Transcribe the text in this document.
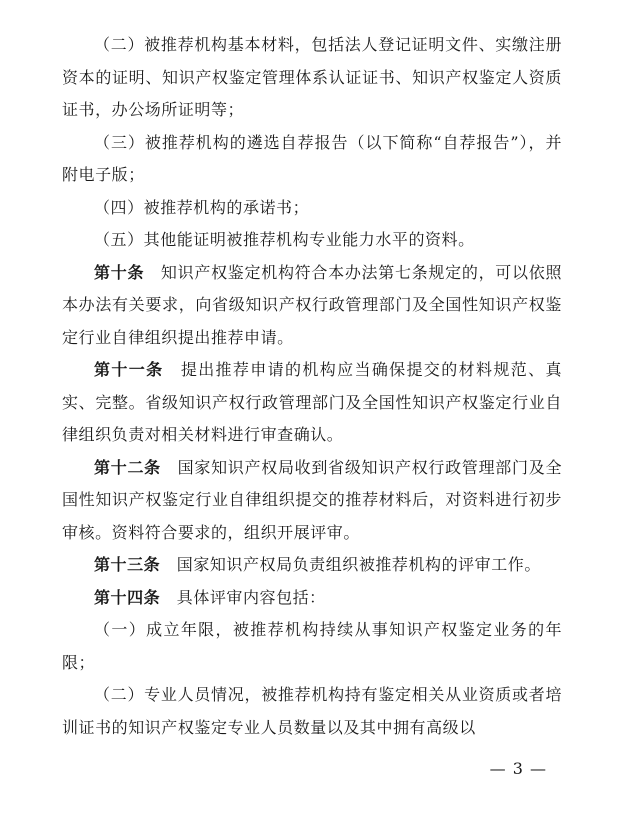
（二）被推荐机构基本材料，包括法人登记证明文件、实缴注册资本的证明、知识产权鉴定管理体系认证证书、知识产权鉴定人资质证书，办公场所证明等；

（三）被推荐机构的遴选自荐报告（以下简称“自荐报告”），并附电子版；

（四）被推荐机构的承诺书；

（五）其他能证明被推荐机构专业能力水平的资料。

第十条　 知识产权鉴定机构符合本办法第七条规定的，可以依照本办法有关要求，向省级知识产权行政管理部门及全国性知识产权鉴定行业自律组织提出推荐申请。

第十一条　 提出推荐申请的机构应当确保提交的材料规范、真实、完整。省级知识产权行政管理部门及全国性知识产权鉴定行业自律组织负责对相关材料进行审查确认。

第十二条　 国家知识产权局收到省级知识产权行政管理部门及全国性知识产权鉴定行业自律组织提交的推荐材料后，对资料进行初步审核。资料符合要求的，组织开展评审。

第十三条　 国家知识产权局负责组织被推荐机构的评审工作。

第十四条　 具体评审内容包括：

（一）成立年限，被推荐机构持续从事知识产权鉴定业务的年限；

（二）专业人员情况，被推荐机构持有鉴定相关从业资质或者培训证书的知识产权鉴定专业人员数量以及其中拥有高级以

— 3 —
